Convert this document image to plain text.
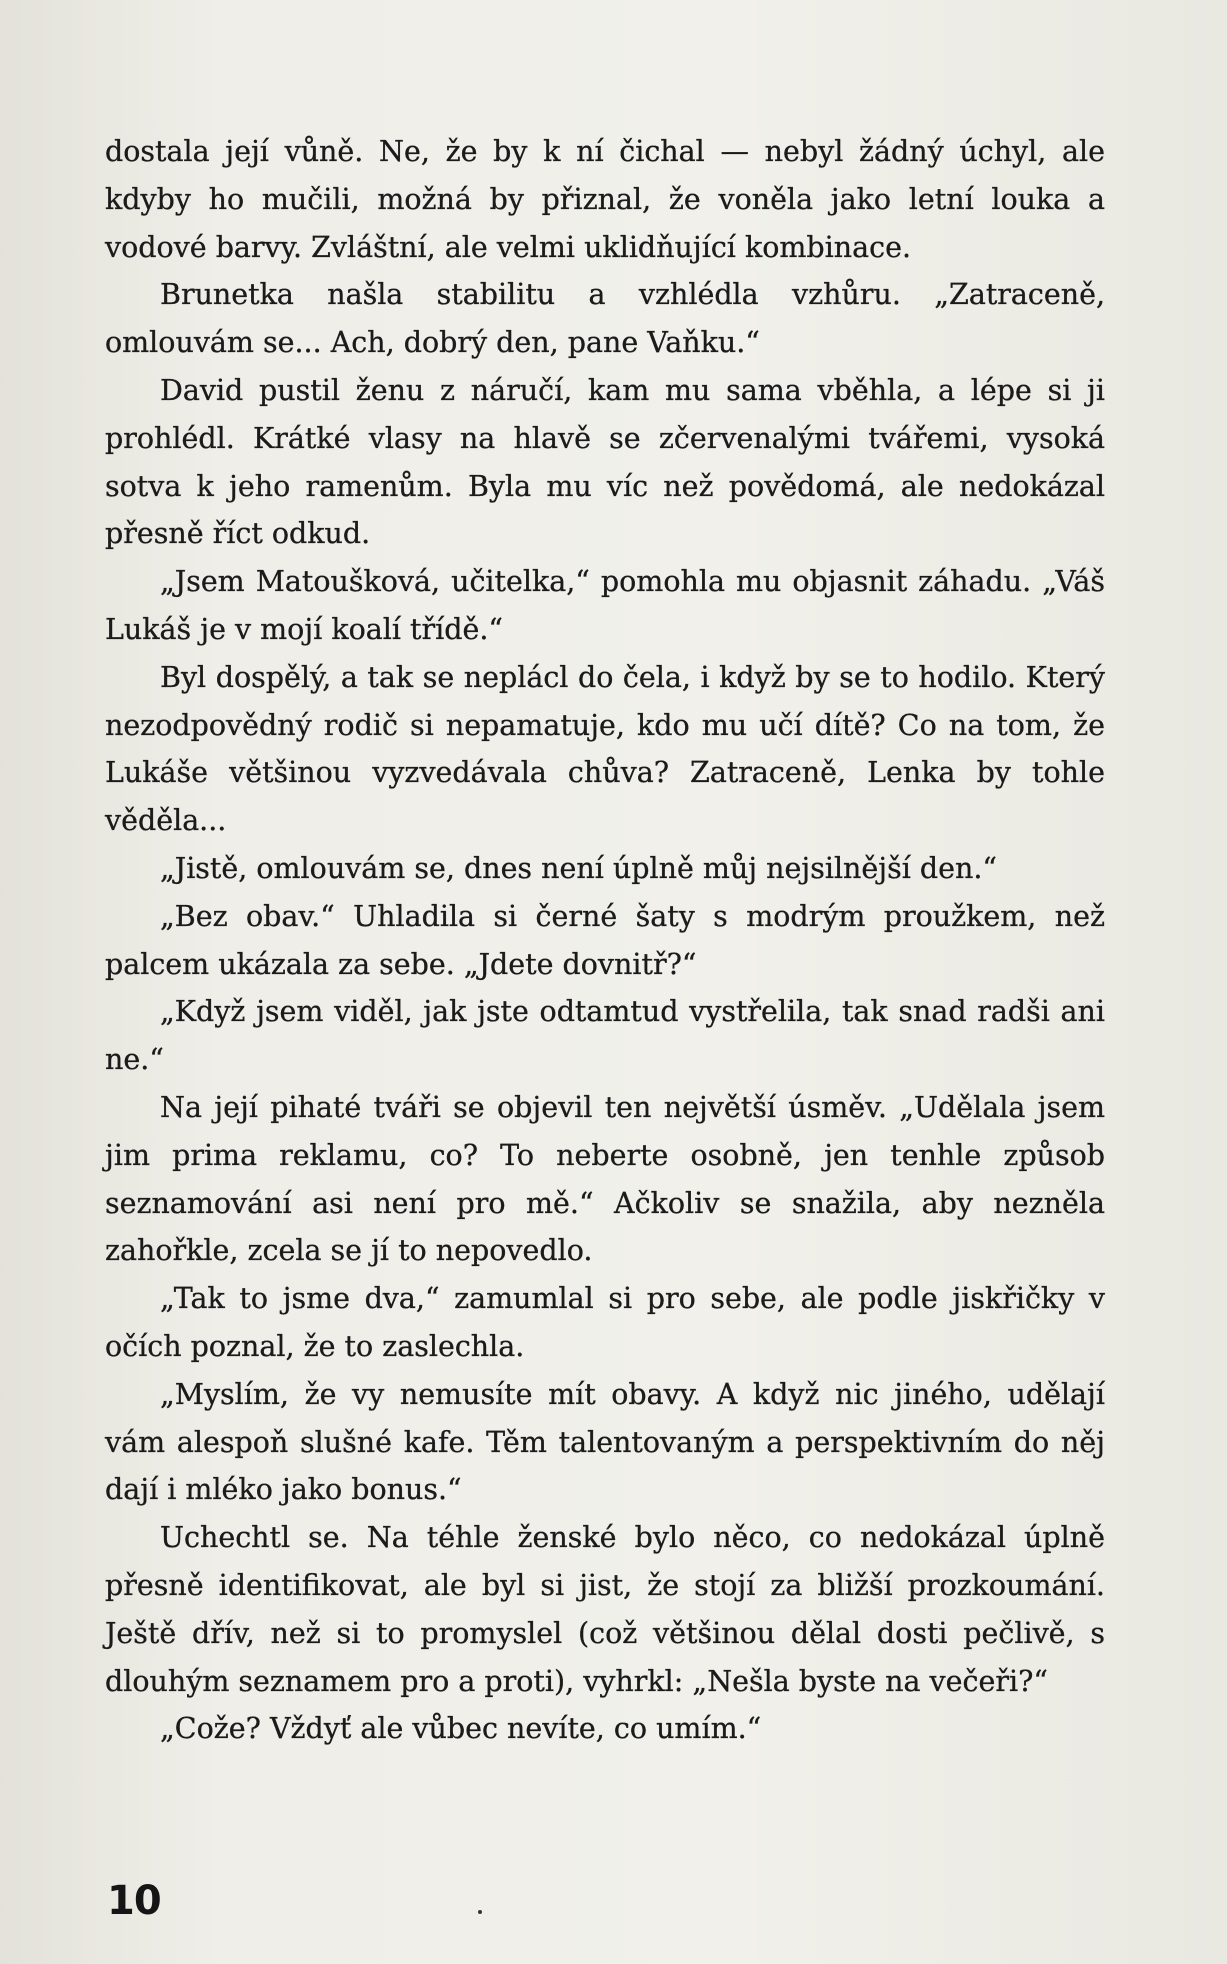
dostala její vůně. Ne, že by k ní čichal — nebyl žádný úchyl, ale kdyby ho mučili, možná by přiznal, že voněla jako letní louka a vodové barvy. Zvláštní, ale velmi uklidňující kombinace.

Brunetka našla stabilitu a vzhlédla vzhůru. „Zatraceně, omlouvám se... Ach, dobrý den, pane Vaňku.“

David pustil ženu z náručí, kam mu sama vběhla, a lépe si ji prohlédl. Krátké vlasy na hlavě se zčervenalými tvářemi, vysoká sotva k jeho ramenům. Byla mu víc než povědomá, ale nedokázal přesně říct odkud.

„Jsem Matoušková, učitelka,“ pomohla mu objasnit záhadu. „Váš Lukáš je v mojí koalí třídě.“

Byl dospělý, a tak se neplácl do čela, i když by se to hodilo. Který nezodpovědný rodič si nepamatuje, kdo mu učí dítě? Co na tom, že Lukáše většinou vyzvedávala chůva? Zatraceně, Lenka by tohle věděla...

„Jistě, omlouvám se, dnes není úplně můj nejsilnější den.“

„Bez obav.“ Uhladila si černé šaty s modrým proužkem, než palcem ukázala za sebe. „Jdete dovnitř?“

„Když jsem viděl, jak jste odtamtud vystřelila, tak snad radši ani ne.“

Na její pihaté tváři se objevil ten největší úsměv. „Udělala jsem jim prima reklamu, co? To neberte osobně, jen tenhle způsob seznamování asi není pro mě.“ Ačkoliv se snažila, aby nezněla zahořkle, zcela se jí to nepovedlo.

„Tak to jsme dva,“ zamumlal si pro sebe, ale podle jiskřičky v očích poznal, že to zaslechla.

„Myslím, že vy nemusíte mít obavy. A když nic jiného, udělají vám alespoň slušné kafe. Těm talentovaným a perspektivním do něj dají i mléko jako bonus.“

Uchechtl se. Na téhle ženské bylo něco, co nedokázal úplně přesně identifikovat, ale byl si jist, že stojí za bližší prozkoumání. Ještě dřív, než si to promyslel (což většinou dělal dosti pečlivě, s dlouhým seznamem pro a proti), vyhrkl: „Nešla byste na večeři?“

„Cože? Vždyť ale vůbec nevíte, co umím.“

10
